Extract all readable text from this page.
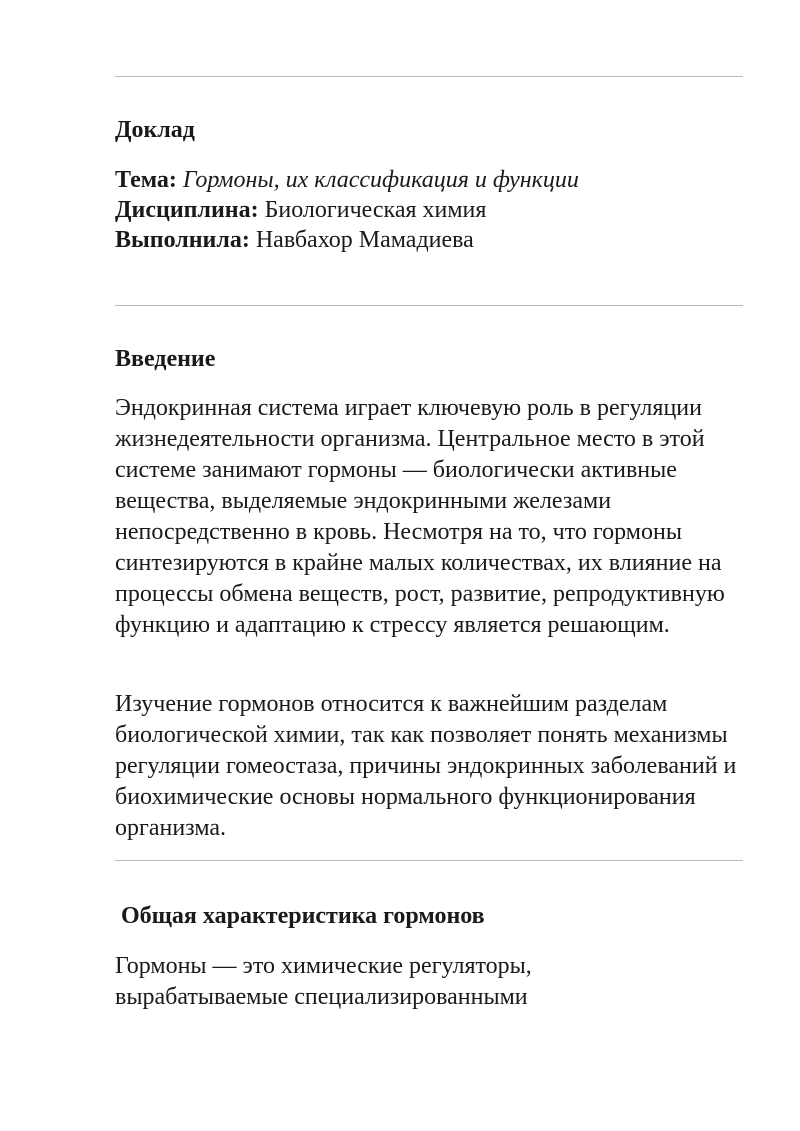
Доклад

Тема: Гормоны, их классификация и функции

Дисциплина: Биологическая химия

Выполнила: Навбахор Мамадиева

Введение

Эндокринная система играет ключевую роль в регуляции жизнедеятельности организма. Центральное место в этой системе занимают гормоны — биологически активные вещества, выделяемые эндокринными железами непосредственно в кровь. Несмотря на то, что гормоны синтезируются в крайне малых количествах, их влияние на процессы обмена веществ, рост, развитие, репродуктивную функцию и адаптацию к стрессу является решающим.

Изучение гормонов относится к важнейшим разделам биологической химии, так как позволяет понять механизмы регуляции гомеостаза, причины эндокринных заболеваний и биохимические основы нормального функционирования организма.

Общая характеристика гормонов

Гормоны — это химические регуляторы, вырабатываемые специализированными
